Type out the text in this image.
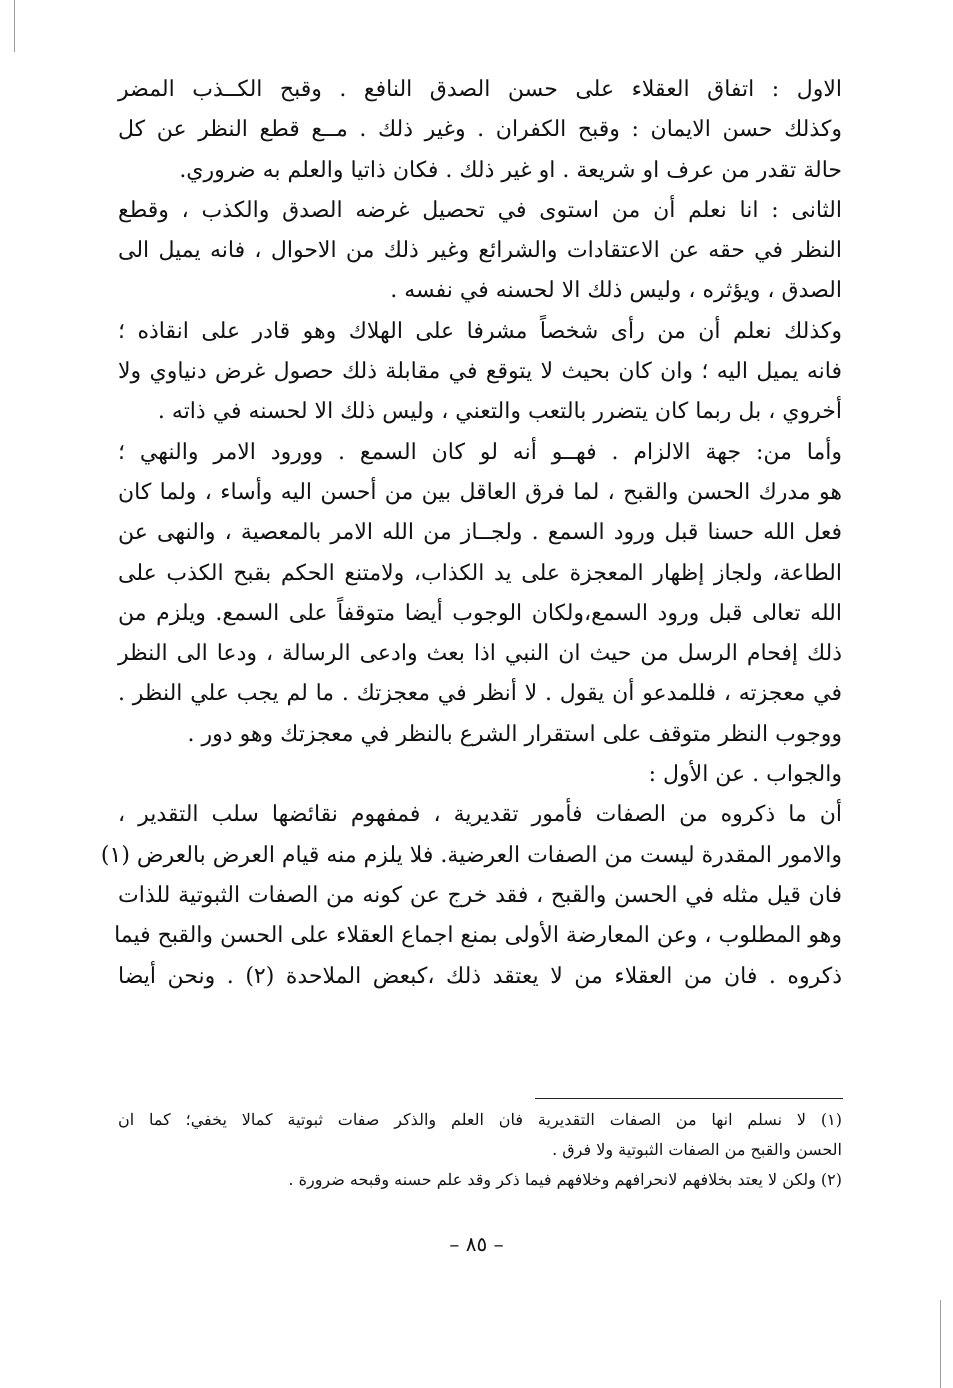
الاول : اتفاق العقلاء على حسن الصدق النافع . وقبح الكــذب المضر
وكذلك حسن الايمان : وقبح الكفران . وغير ذلك . مــع قطع النظر عن كل
حالة تقدر من عرف او شريعة . او غير ذلك . فكان ذاتيا والعلم به ضروري.
الثانى : انا نعلم أن من استوى في تحصيل غرضه الصدق والكذب ، وقطع
النظر في حقه عن الاعتقادات والشرائع وغير ذلك من الاحوال ، فانه يميل الى
الصدق ، ويؤثره ، وليس ذلك الا لحسنه في نفسه .
وكذلك نعلم أن من رأى شخصاً مشرفا على الهلاك وهو قادر على انقاذه ؛
فانه يميل اليه ؛ وان كان بحيث لا يتوقع في مقابلة ذلك حصول غرض دنياوي ولا
أخروي ، بل ربما كان يتضرر بالتعب والتعني ، وليس ذلك الا لحسنه في ذاته .
وأما من: جهة الالزام . فهــو أنه لو كان السمع . وورود الامر والنهي ؛
هو مدرك الحسن والقبح ، لما فرق العاقل بين من أحسن اليه وأساء ، ولما كان
فعل الله حسنا قبل ورود السمع . ولجــاز من الله الامر بالمعصية ، والنهى عن
الطاعة، ولجاز إظهار المعجزة على يد الكذاب، ولامتنع الحكم بقبح الكذب على
الله تعالى قبل ورود السمع،ولكان الوجوب أيضا متوقفاً على السمع. ويلزم من
ذلك إفحام الرسل من حيث ان النبي اذا بعث وادعى الرسالة ، ودعا الى النظر
في معجزته ، فللمدعو أن يقول . لا أنظر في معجزتك . ما لم يجب علي النظر .
ووجوب النظر متوقف على استقرار الشرع بالنظر في معجزتك وهو دور .
والجواب . عن الأول :
أن ما ذكروه من الصفات فأمور تقديرية ، فمفهوم نقائضها سلب التقدير ،
والامور المقدرة ليست من الصفات العرضية. فلا يلزم منه قيام العرض بالعرض (١)
فان قيل مثله في الحسن والقبح ، فقد خرج عن كونه من الصفات الثبوتية للذات
وهو المطلوب ، وعن المعارضة الأولى بمنع اجماع العقلاء على الحسن والقبح فيما
ذكروه . فان من العقلاء من لا يعتقد ذلك ،كبعض الملاحدة (٢) . ونحن أيضا
(١) لا نسلم انها من الصفات التقديرية فان العلم والذكر صفات ثبوتية كمالا يخفي؛ كما ان
الحسن والقبح من الصفات الثبوتية ولا فرق .
(٢) ولكن لا يعتد بخلافهم لانحرافهم وخلافهم فيما ذكر وقد علم حسنه وقبحه ضرورة .
– ٨٥ –
